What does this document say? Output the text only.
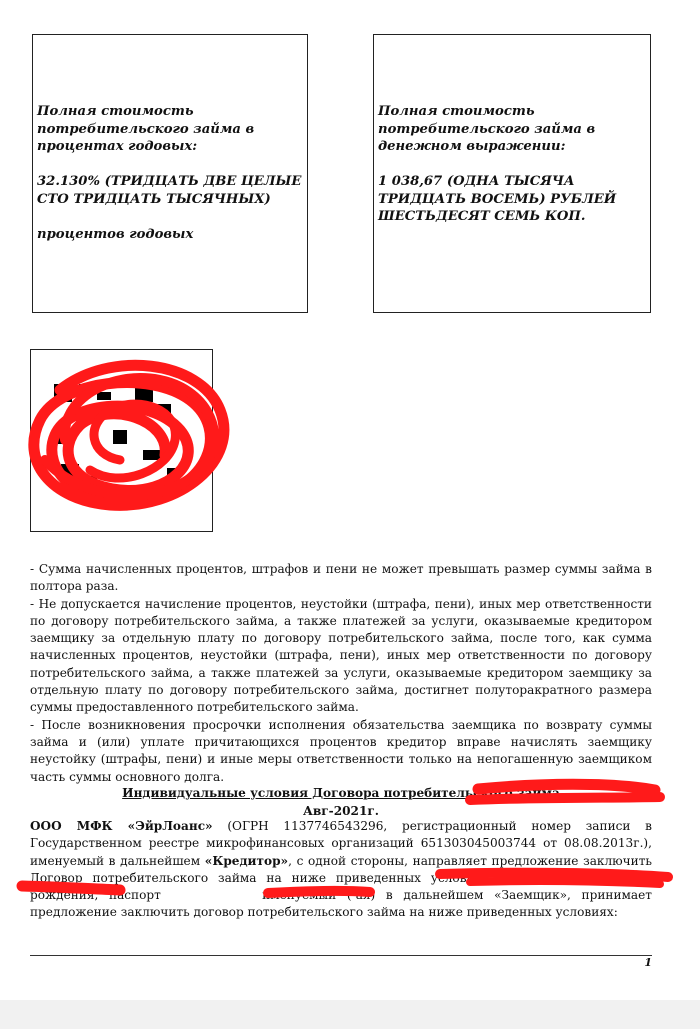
Полная стоимость потребительского займа в процентах годовых:

32.130% (ТРИДЦАТЬ ДВЕ ЦЕЛЫЕ СТО ТРИДЦАТЬ ТЫСЯЧНЫХ)

процентов годовых

Полная стоимость потребительского займа в денежном выражении:

1 038,67 (ОДНА ТЫСЯЧА ТРИДЦАТЬ ВОСЕМЬ) РУБЛЕЙ ШЕСТЬДЕСЯТ СЕМЬ КОП.

- Сумма начисленных процентов, штрафов и пени не может превышать размер суммы займа в полтора раза.

- Не допускается начисление процентов, неустойки (штрафа, пени), иных мер ответственности по договору потребительского займа, а также платежей за услуги, оказываемые кредитором заемщику за отдельную плату по договору потребительского займа, после того, как сумма начисленных процентов, неустойки (штрафа, пени), иных мер ответственности по договору потребительского займа, а также платежей за услуги, оказываемые кредитором заемщику за отдельную плату по договору потребительского займа, достигнет полуторакратного размера суммы предоставленного потребительского займа.

- После возникновения просрочки исполнения обязательства заемщика по возврату суммы займа и (или) уплате причитающихся процентов кредитор вправе начислять заемщику неустойку (штрафы, пени) и иные меры ответственности только на непогашенную заемщиком часть суммы основного долга.

Индивидуальные условия Договора потребительского займа
Авг-2021г.
ООО МФК «ЭйрЛоанс» (ОГРН 1137746543296, регистрационный номер записи в Государственном реестре микрофинансовых организаций 651303045003744 от 08.08.2013г.), именуемый в дальнейшем «Кредитор», с одной стороны, направляет предложение заключить Договор потребительского займа на ниже приведенных условиях, а гр рождения, паспорт	именуемый (-ая) в дальнейшем «Заемщик», принимает предложение заключить договор потребительского займа на ниже приведенных условиях:
1
